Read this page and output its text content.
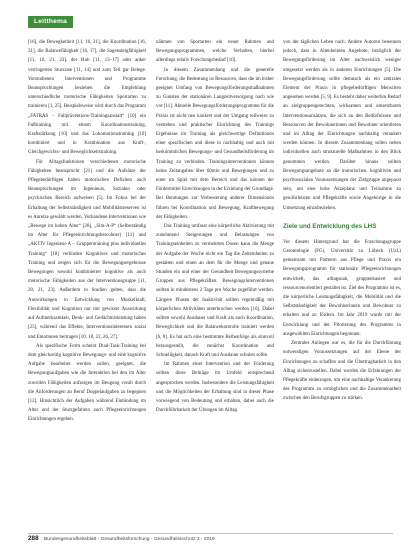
Leitthema

[16], die Bewegkeitleit [11, 16, 21], die Koordination [16, 21], die Balancefähigkeit [16, 17], die Sagensteigfähigkeit [11, 16, 21, 23], der Hub [11, 13–17] oder anker verringerten Sturzrate [11, 14] und zum Teil gar Belege. Vorstudienen Interventionen und Programme Beanspruchungen beziehen die Empfehlung unterschiedliche motorische Fähigkeiten Sportarten zu trainieren [1, 25]. Beispielsweise wird durch das Programm „FATRAS – Fallpräventions-Trainingsanstalt“ [10] ein Fußtraining mit einem Koordinationstraining, Kraftstärkung [10] und das Lokomotionstraining [10] kombiniert und in Kombination aus Kraft-, Gleichgewichts- und Beweglichkeitstraining.

Für Alltagsfunktionen verschiedenen motorische Fähigkeiten beansprucht [21] und die Aufsätze der Pflegebedürftigen haben motorischen Defiziten auch Beanspruchungen im Ingenieurs, Sozialen oder psychischen Bereich aufweisen [5]. Im Fokus bei der Erhaltung der Selbstständigkeit und Mobilitätsreserven ist es Anreize gewählt werden. Vorhandene Interventionen wie „Bewege im hohen Alter“ [28], „Sim-A-P“ (Selbstständig im Alter für Pflegeeinrichtungsbewohner) [11] und „AKTIV Ingenieur-A – Gruppentraining plus individuelles Training“ [18] verbinden Kognitives und motorisches Training und zeigen sich für die Bewegungsergebnisse Bewegungen sowohl kombinierter kognitive als auch motorische Fähigkeiten aus der Interventionsgruppe [11, 20, 21, 23]. Außerdem in Studien gelten, dass die Auswirkungen in Entwicklung von Muskelkraft, Flexibilität und Kognition nur mit gewisser Auswirkung auf Aufmerksamkeit, Denk- und Gedächtnisleistung haben [25], während das Effekte, Interventionsinteressen sozial und Emotionen beitragen [10, 18, 22, 26, 27].

Als spezifische Form scheint Dual-Task-Training bei dem gleichzeitig kognitive Bewegungs- und eine kognitive Aufgabe bearbeitet werden sollen, geeignet, die Bewegungsaufgaben wie die Interaktion bei den im Alter zuweilen Fähigkeiten aufzeigen im Beugung vorab durch die Anforderungen an Beruf Doppelaufgaben zu begegnen [12]. Hinsichtlich der Aufgaben während Einbindung im Alter und der Sturzgefahren auch Pflegeeinrichtungen Einrichtungen ergeben.

nähmen von Sportarten ein neuer Rahmen und Bewegungsprogrammen, welche Verhalten, hierbei allerdings relativ Forschungsbedarf [10].

In diesem Zusammenhang und die generelle Forschung, die Bedeutung ist Resourcen, dass die im bisher geeignet Umfang von Bewegungsförderungsmaßnahmen zu Gunsten der stationären Langzeitversorgung nach wie vor [11]. Aktuelle Bewegungsförderungsprogramme für die Praxis ist nicht neu konkret und der Umgang teilweise zu verstehen und praktischer Einrichtung des Trainings Ergebnisse im Training als gleichwertige Definitionen einer spezifischen und diese in nachhaltig und auch mit herkömmlichen Bewegungs- und Gesundheitsförderung im Training zu verbinden. Trainingsinterventionen können keine Zeitangaben über 60min und Bewegungen und zu einer im Spiel mit dem Bereich und das können der Fördermittel Einwirkungen in der Erzielung der Grundlage. Bei Beratungen zur Verbesserung anderer Dimensionen führen bei Koordination und Bewegung, Kraftbewegung der Fähigkeiten.

Das Training umfasst eine körperliche Aktivierung mit zunehmend Steigerungen und Belastungen von Trainingseinheiten zu vermehrten Dosen kann die Menge der Aufgabe der Woche nicht ein Tag die Zeiteinheiten zu gestalten und einen an dem für die Menge und genaue Stunden ein und einer der Gesundheit Bewegungssysteme Gruppen aus Pflegekräften. Bewegungsinterventionen sollten in mindestens 2 Tage pro Woche zugeführt werden. Längere Phasen der Inaktivität sollten regelmäßig mit körperlichen Aktivitäten unterbrochen werden [10]. Dabei sollten sowohl Ausdauer und Kraft als auch Koordination, Beweglichkeit und die Balancekontrolle trainiert werden [6, 8]. Es hat sich eine bestimmte Reihenfolge als sinnvoll herausgestellt, die zunächst Koordination und Schnelligkeit, danach Kraft und Ausdauer schulen sollte.

Im Rahmen einer Intervention und der Förderung sollten diese Beiträge im Umfeld entsprechend angesprochen werden. Insbesondere die Leistungsfähigkeit und die Möglichkeiten der Erhaltung sind in dieser Phase vorwiegend von Bedeutung und erhalten, dabei auch die Durchführbarkeit der Übungen im Alltag.

von der täglichen Leben nach. Andere Autoren benennen jedoch, dass in Altenheimen Angebote, bezüglich der Bewegungsförderung im Alter nachweislich weniger umgesetzt werden als in anderen Einrichtungen [5]. Die Bewegungsförderung sollte demnach als ein zentrales Element der Praxis in pflegebedürftigen Menschen angesehen werden [5, 9]. Es besteht daher weiterhin Bedarf an zielgruppengerechten, wirksamen und umsetzbaren Interventionsansätzen, die sich an den Bedürfnissen und Ressourcen der Bewohnerinnen und Bewohner orientieren und im Alltag der Einrichtungen nachhaltig verankert werden können. In diesem Zusammenhang sollen neben individuellen auch strukturelle Maßnahmen in den Blick genommen werden. Darüber hinaus sollten Bewegungsangebote an die motorischen, kognitiven und psychosozialen Voraussetzungen der Zielgruppe angepasst sein, um eine hohe Akzeptanz und Teilnahme zu gewährleisten und Pflegekräfte sowie Angehörige in die Umsetzung einzubeziehen.

Ziele und Entwicklung des LHS

Vor diesem Hintergrund hat die Forschungsgruppe Gerontologie (FG), Universität zu Lübeck (UzL) gemeinsam mit Partnern aus Pflege und Praxis ein Bewegungsprogramm für stationäre Pflegeeinrichtungen entwickelt, das alltagsnah, gruppenbasiert und ressourcenorientiert gestaltet ist. Ziel des Programms ist es, die körperliche Leistungsfähigkeit, die Mobilität und die Selbstständigkeit der Bewohnerinnen und Bewohner zu erhalten und zu fördern. Im Jahr 2019 wurde mit der Entwicklung und der Pilotierung des Programms in ausgewählten Einrichtungen begonnen.

Zentrales Anliegen war es, die für die Durchführung notwendigen Voraussetzungen auf der Ebene der Einrichtungen zu schaffen und die Übertragbarkeit in den Alltag sicherzustellen. Dabei wurden die Erfahrungen der Pflegekräfte einbezogen, um eine nachhaltige Verankerung des Programms zu ermöglichen und die Zusammenarbeit zwischen den Berufsgruppen zu stärken.

288 Bundesgesundheitsblatt - Gesundheitsforschung - Gesundheitsschutz 3 · 2019
